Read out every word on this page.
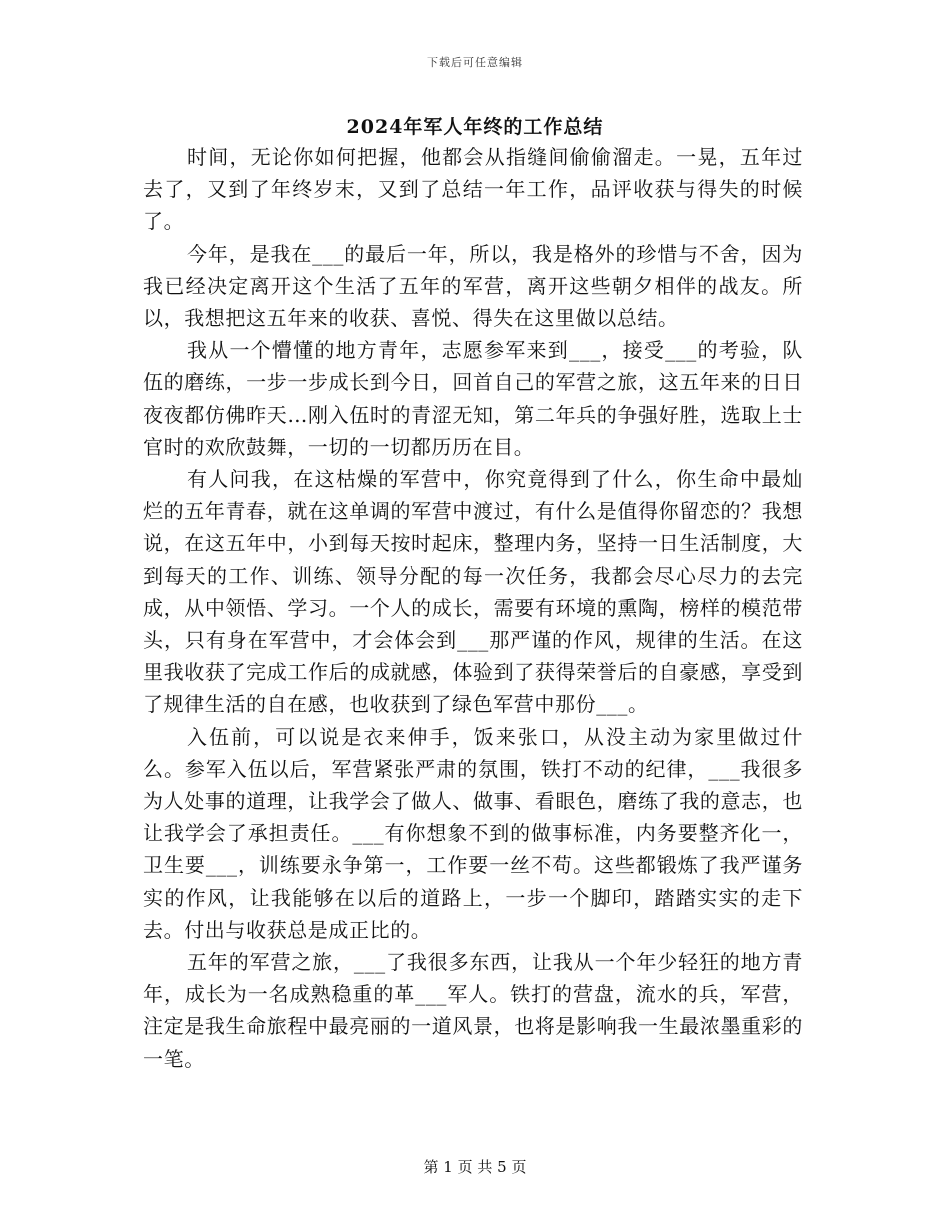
下载后可任意编辑
2024年军人年终的工作总结

时间，无论你如何把握，他都会从指缝间偷偷溜走。一晃，五年过去了，又到了年终岁末，又到了总结一年工作，品评收获与得失的时候了。

今年，是我在___的最后一年，所以，我是格外的珍惜与不舍，因为我已经决定离开这个生活了五年的军营，离开这些朝夕相伴的战友。所以，我想把这五年来的收获、喜悦、得失在这里做以总结。

我从一个懵懂的地方青年，志愿参军来到___，接受___的考验，队伍的磨练，一步一步成长到今日，回首自己的军营之旅，这五年来的日日夜夜都仿佛昨天…刚入伍时的青涩无知，第二年兵的争强好胜，选取上士官时的欢欣鼓舞，一切的一切都历历在目。

有人问我，在这枯燥的军营中，你究竟得到了什么，你生命中最灿烂的五年青春，就在这单调的军营中渡过，有什么是值得你留恋的？我想说，在这五年中，小到每天按时起床，整理内务，坚持一日生活制度，大到每天的工作、训练、领导分配的每一次任务，我都会尽心尽力的去完成，从中领悟、学习。一个人的成长，需要有环境的熏陶，榜样的模范带头，只有身在军营中，才会体会到___那严谨的作风，规律的生活。在这里我收获了完成工作后的成就感，体验到了获得荣誉后的自豪感，享受到了规律生活的自在感，也收获到了绿色军营中那份___。

入伍前，可以说是衣来伸手，饭来张口，从没主动为家里做过什么。参军入伍以后，军营紧张严肃的氛围，铁打不动的纪律，___我很多为人处事的道理，让我学会了做人、做事、看眼色，磨练了我的意志，也让我学会了承担责任。___有你想象不到的做事标准，内务要整齐化一，卫生要___，训练要永争第一，工作要一丝不苟。这些都锻炼了我严谨务实的作风，让我能够在以后的道路上，一步一个脚印，踏踏实实的走下去。付出与收获总是成正比的。

五年的军营之旅，___了我很多东西，让我从一个年少轻狂的地方青年，成长为一名成熟稳重的革___军人。铁打的营盘，流水的兵，军营，注定是我生命旅程中最亮丽的一道风景，也将是影响我一生最浓墨重彩的一笔。

第 1 页 共 5 页
